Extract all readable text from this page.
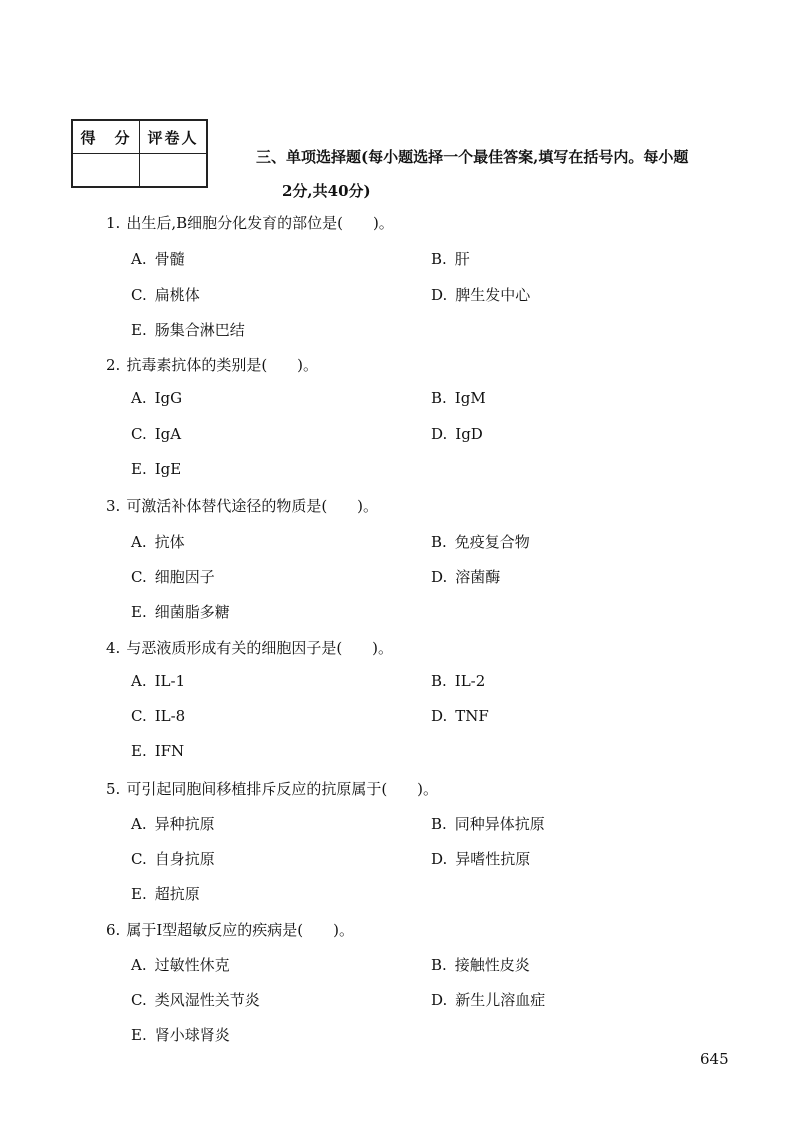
得　分	评卷人

三、单项选择题(每小题选择一个最佳答案,填写在括号内。每小题
2分,共40分)
1. 出生后,B细胞分化发育的部位是(　　)。
A. 骨髓	B. 肝
C. 扁桃体	D. 脾生发中心
E. 肠集合淋巴结
2. 抗毒素抗体的类别是(　　)。
A. IgG	B. IgM
C. IgA	D. IgD
E. IgE
3. 可激活补体替代途径的物质是(　　)。
A. 抗体	B. 免疫复合物
C. 细胞因子	D. 溶菌酶
E. 细菌脂多糖
4. 与恶液质形成有关的细胞因子是(　　)。
A. IL-1	B. IL-2
C. IL-8	D. TNF
E. IFN
5. 可引起同胞间移植排斥反应的抗原属于(　　)。
A. 异种抗原	B. 同种异体抗原
C. 自身抗原	D. 异嗜性抗原
E. 超抗原
6. 属于Ⅰ型超敏反应的疾病是(　　)。
A. 过敏性休克	B. 接触性皮炎
C. 类风湿性关节炎	D. 新生儿溶血症
E. 肾小球肾炎
645
